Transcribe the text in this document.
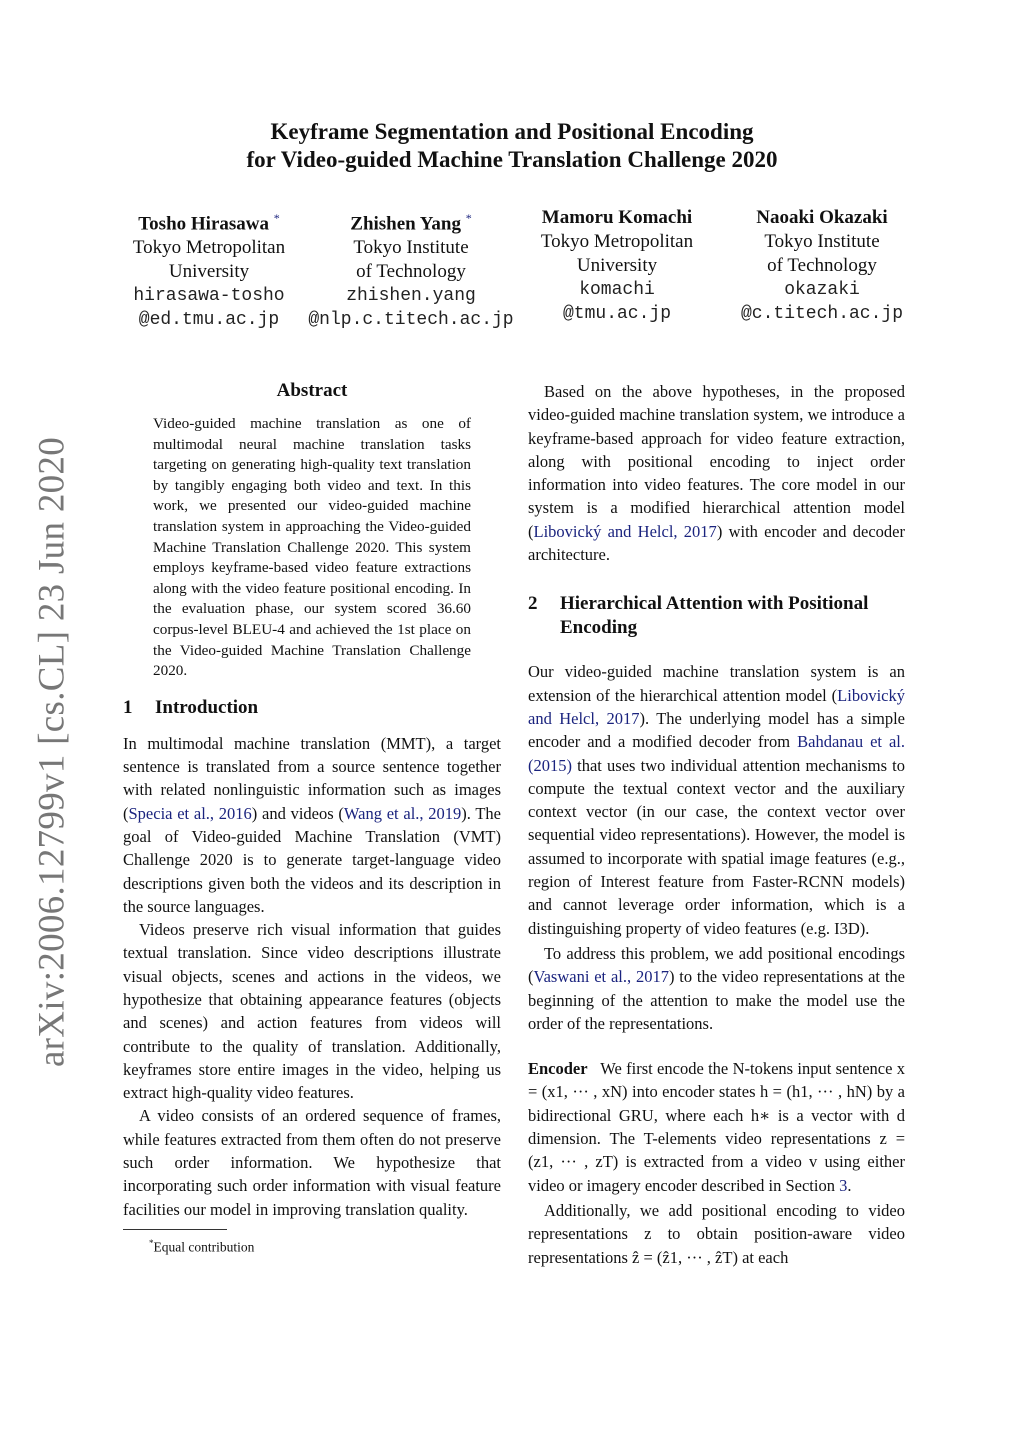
arXiv:2006.12799v1 [cs.CL] 23 Jun 2020
Keyframe Segmentation and Positional Encoding
for Video-guided Machine Translation Challenge 2020
Tosho Hirasawa *
Tokyo Metropolitan
University
hirasawa-tosho
@ed.tmu.ac.jp
Zhishen Yang *
Tokyo Institute
of Technology
zhishen.yang
@nlp.c.titech.ac.jp
Mamoru Komachi
Tokyo Metropolitan
University
komachi
@tmu.ac.jp
Naoaki Okazaki
Tokyo Institute
of Technology
okazaki
@c.titech.ac.jp
Abstract
Video-guided machine translation as one of multimodal neural machine translation tasks targeting on generating high-quality text translation by tangibly engaging both video and text. In this work, we presented our video-guided machine translation system in approaching the Video-guided Machine Translation Challenge 2020. This system employs keyframe-based video feature extractions along with the video feature positional encoding. In the evaluation phase, our system scored 36.60 corpus-level BLEU-4 and achieved the 1st place on the Video-guided Machine Translation Challenge 2020.
1	Introduction

In multimodal machine translation (MMT), a target sentence is translated from a source sentence together with related nonlinguistic information such as images (Specia et al., 2016) and videos (Wang et al., 2019). The goal of Video-guided Machine Translation (VMT) Challenge 2020 is to generate target-language video descriptions given both the videos and its description in the source languages.

Videos preserve rich visual information that guides textual translation. Since video descriptions illustrate visual objects, scenes and actions in the videos, we hypothesize that obtaining appearance features (objects and scenes) and action features from videos will contribute to the quality of translation. Additionally, keyframes store entire images in the video, helping us extract high-quality video features.

A video consists of an ordered sequence of frames, while features extracted from them often do not preserve such order information. We hypothesize that incorporating such order information with visual feature facilities our model in improving translation quality.

*Equal contribution

Based on the above hypotheses, in the proposed video-guided machine translation system, we introduce a keyframe-based approach for video feature extraction, along with positional encoding to inject order information into video features. The core model in our system is a modified hierarchical attention model (Libovický and Helcl, 2017) with encoder and decoder architecture.

2	Hierarchical Attention with Positional Encoding

Our video-guided machine translation system is an extension of the hierarchical attention model (Libovický and Helcl, 2017). The underlying model has a simple encoder and a modified decoder from Bahdanau et al. (2015) that uses two individual attention mechanisms to compute the textual context vector and the auxiliary context vector (in our case, the context vector over sequential video representations). However, the model is assumed to incorporate with spatial image features (e.g., region of Interest feature from Faster-RCNN models) and cannot leverage order information, which is a distinguishing property of video features (e.g. I3D).

To address this problem, we add positional encodings (Vaswani et al., 2017) to the video representations at the beginning of the attention to make the model use the order of the representations.

Encoder We first encode the N-tokens input sentence x = (x1, ··· , xN) into encoder states h = (h1, ··· , hN) by a bidirectional GRU, where each h∗ is a vector with d dimension. The T-elements video representations z = (z1, ··· , zT) is extracted from a video v using either video or imagery encoder described in Section 3.

Additionally, we add positional encoding to video representations z to obtain position-aware video representations ẑ = (ẑ1, ··· , ẑT) at each
